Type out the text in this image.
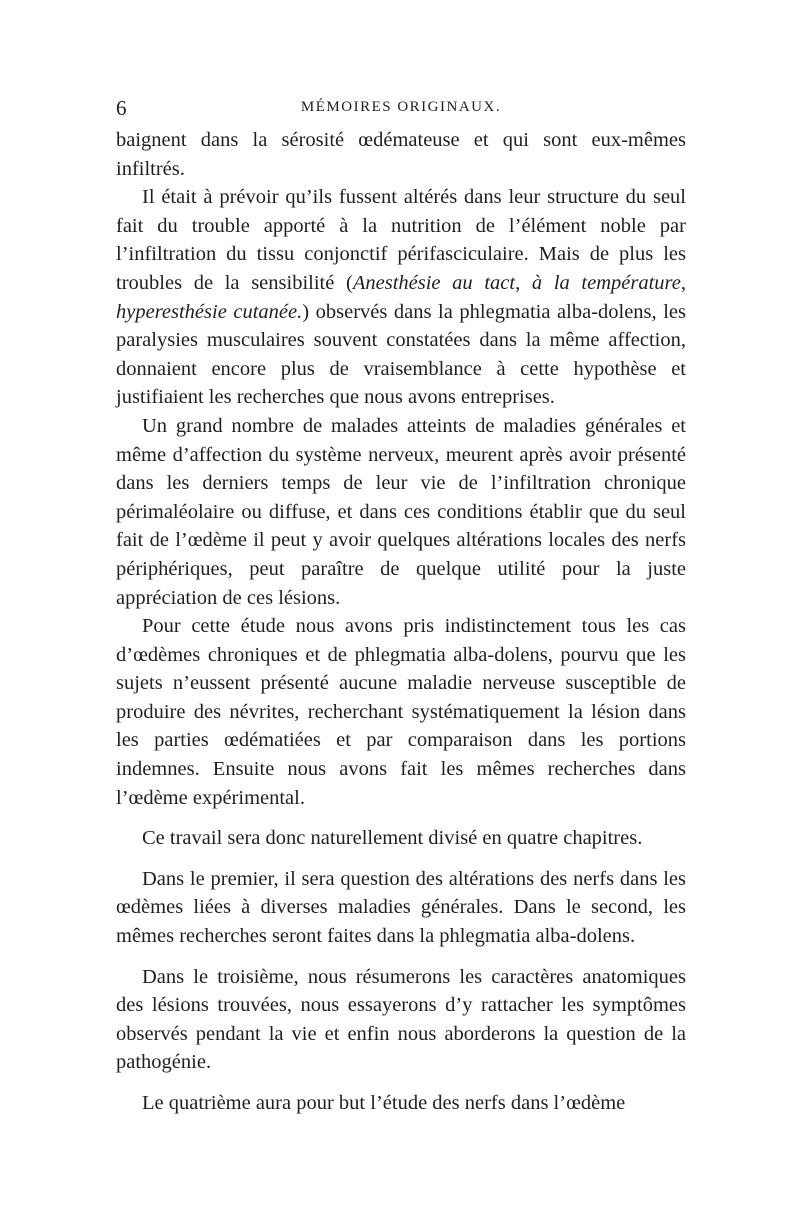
6	MÉMOIRES ORIGINAUX.

baignent dans la sérosité œdémateuse et qui sont eux-mêmes infiltrés.

Il était à prévoir qu’ils fussent altérés dans leur structure du seul fait du trouble apporté à la nutrition de l’élément noble par l’infiltration du tissu conjonctif périfasciculaire. Mais de plus les troubles de la sensibilité (Anesthésie au tact, à la température, hyperesthésie cutanée.) observés dans la phlegmatia alba-dolens, les paralysies musculaires souvent constatées dans la même affection, donnaient encore plus de vraisemblance à cette hypothèse et justifiaient les recherches que nous avons entreprises.

Un grand nombre de malades atteints de maladies générales et même d’affection du système nerveux, meurent après avoir présenté dans les derniers temps de leur vie de l’infiltration chronique périmaléolaire ou diffuse, et dans ces conditions établir que du seul fait de l’œdème il peut y avoir quelques altérations locales des nerfs périphériques, peut paraître de quelque utilité pour la juste appréciation de ces lésions.

Pour cette étude nous avons pris indistinctement tous les cas d’œdèmes chroniques et de phlegmatia alba-dolens, pourvu que les sujets n’eussent présenté aucune maladie nerveuse susceptible de produire des névrites, recherchant systématiquement la lésion dans les parties œdématiées et par comparaison dans les portions indemnes. Ensuite nous avons fait les mêmes recherches dans l’œdème expérimental.

Ce travail sera donc naturellement divisé en quatre chapitres.

Dans le premier, il sera question des altérations des nerfs dans les œdèmes liées à diverses maladies générales. Dans le second, les mêmes recherches seront faites dans la phlegmatia alba-dolens.

Dans le troisième, nous résumerons les caractères anatomiques des lésions trouvées, nous essayerons d’y rattacher les symptômes observés pendant la vie et enfin nous aborderons la question de la pathogénie.

Le quatrième aura pour but l’étude des nerfs dans l’œdème
